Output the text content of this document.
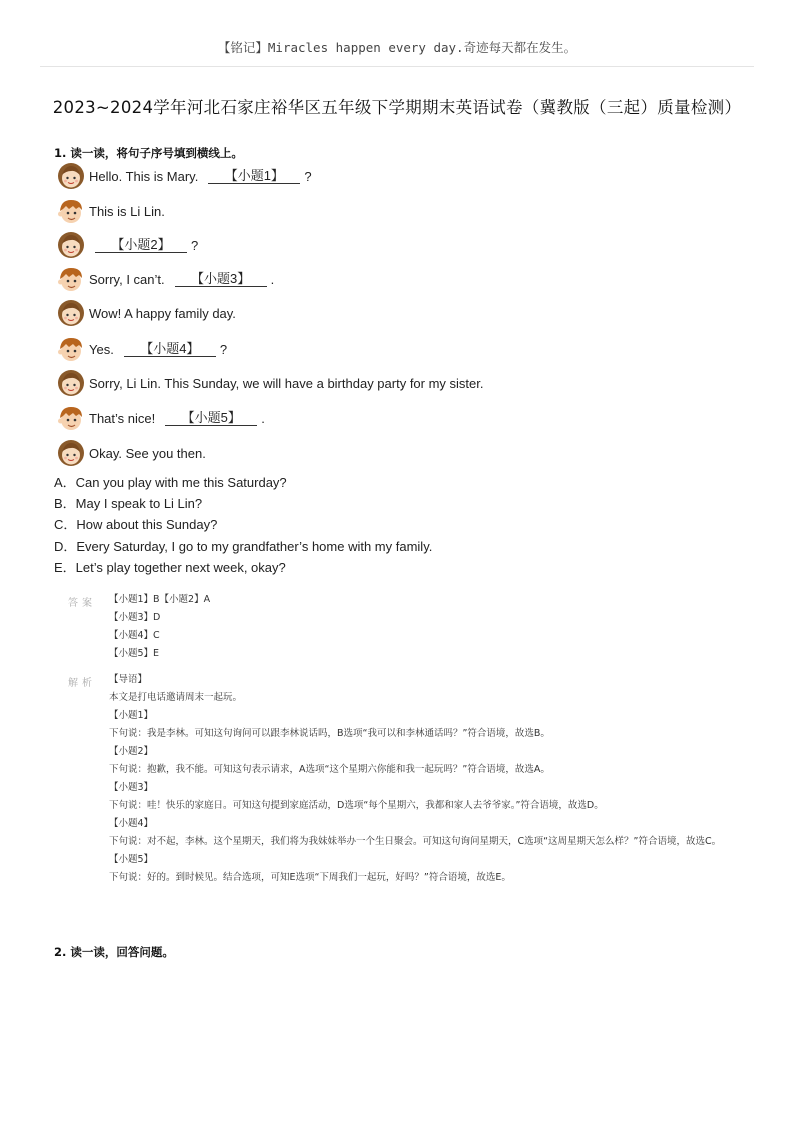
【铭记】Miracles happen every day.奇迹每天都在发生。
2023~2024学年河北石家庄裕华区五年级下学期期末英语试卷（冀教版（三起）质量检测）
1. 读一读，将句子序号填到横线上。
Hello. This is Mary.	【小题1】	?
This is Li Lin.
【小题2】	?
Sorry, I can’t.	【小题3】	.
Wow! A happy family day.
Yes.	【小题4】	?
Sorry, Li Lin. This Sunday, we will have a birthday party for my sister.
That’s nice!	【小题5】	.
Okay. See you then.
A．Can you play with me this Saturday?
B．May I speak to Li Lin?
C．How about this Sunday?
D．Every Saturday, I go to my grandfather’s home with my family.
E．Let’s play together next week, okay?
答案 【小题1】B【小题2】A
【小题3】D
【小题4】C
【小题5】E
解析 【导语】
本文是打电话邀请周末一起玩。
【小题1】
下句说：我是李林。可知这句询问可以跟李林说话吗，B选项“我可以和李林通话吗？”符合语境，故选B。
【小题2】
下句说：抱歉，我不能。可知这句表示请求，A选项“这个星期六你能和我一起玩吗？”符合语境，故选A。
【小题3】
下句说：哇！快乐的家庭日。可知这句提到家庭活动，D选项“每个星期六，我都和家人去爷爷家。”符合语境，故选D。
【小题4】
下句说：对不起，李林。这个星期天，我们将为我妹妹举办一个生日聚会。可知这句询问星期天，C选项“这周星期天怎么样？”符合语境，故选C。
【小题5】
下句说：好的。到时候见。结合选项，可知E选项“下周我们一起玩，好吗？”符合语境，故选E。
2. 读一读，回答问题。
